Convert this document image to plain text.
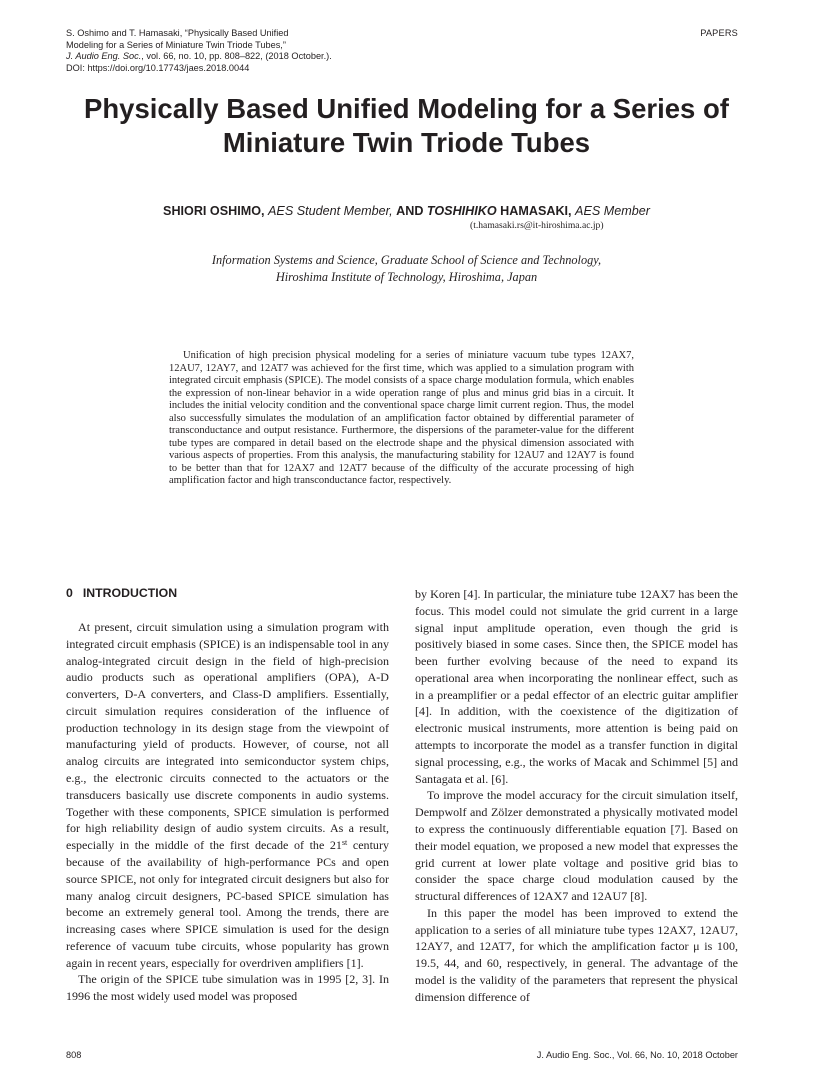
S. Oshimo and T. Hamasaki, “Physically Based Unified
Modeling for a Series of Miniature Twin Triode Tubes,”
J. Audio Eng. Soc., vol. 66, no. 10, pp. 808–822, (2018 October.).
DOI: https://doi.org/10.17743/jaes.2018.0044
PAPERS
Physically Based Unified Modeling for a Series of
Miniature Twin Triode Tubes
SHIORI OSHIMO, AES Student Member, AND TOSHIHIKO HAMASAKI, AES Member
(t.hamasaki.rs@it-hiroshima.ac.jp)
Information Systems and Science, Graduate School of Science and Technology,
Hiroshima Institute of Technology, Hiroshima, Japan

Unification of high precision physical modeling for a series of miniature vacuum tube types 12AX7, 12AU7, 12AY7, and 12AT7 was achieved for the first time, which was applied to a simulation program with integrated circuit emphasis (SPICE). The model consists of a space charge modulation formula, which enables the expression of non-linear behavior in a wide operation range of plus and minus grid bias in a circuit. It includes the initial velocity condition and the conventional space charge limit current region. Thus, the model also successfully simulates the modulation of an amplification factor obtained by differential parameter of transconductance and output resistance. Furthermore, the dispersions of the parameter-value for the different tube types are compared in detail based on the electrode shape and the physical dimension associated with various aspects of properties. From this analysis, the manufacturing stability for 12AU7 and 12AY7 is found to be better than that for 12AX7 and 12AT7 because of the difficulty of the accurate processing of high amplification factor and high transconductance factor, respectively.

0 INTRODUCTION

At present, circuit simulation using a simulation program with integrated circuit emphasis (SPICE) is an indispensable tool in any analog-integrated circuit design in the field of high-precision audio products such as operational amplifiers (OPA), A-D converters, D-A converters, and Class-D amplifiers. Essentially, circuit simulation requires consideration of the influence of production technology in its design stage from the viewpoint of manufacturing yield of products. However, of course, not all analog circuits are integrated into semiconductor system chips, e.g., the electronic circuits connected to the actuators or the transducers basically use discrete components in audio systems. Together with these components, SPICE simulation is performed for high reliability design of audio system circuits. As a result, especially in the middle of the first decade of the 21st century because of the availability of high-performance PCs and open source SPICE, not only for integrated circuit designers but also for many analog circuit designers, PC-based SPICE simulation has become an extremely general tool. Among the trends, there are increasing cases where SPICE simulation is used for the design reference of vacuum tube circuits, whose popularity has grown again in recent years, especially for overdriven amplifiers [1].

The origin of the SPICE tube simulation was in 1995 [2, 3]. In 1996 the most widely used model was proposed

by Koren [4]. In particular, the miniature tube 12AX7 has been the focus. This model could not simulate the grid current in a large signal input amplitude operation, even though the grid is positively biased in some cases. Since then, the SPICE model has been further evolving because of the need to expand its operational area when incorporating the nonlinear effect, such as in a preamplifier or a pedal effector of an electric guitar amplifier [4]. In addition, with the coexistence of the digitization of electronic musical instruments, more attention is being paid on attempts to incorporate the model as a transfer function in digital signal processing, e.g., the works of Macak and Schimmel [5] and Santagata et al. [6].

To improve the model accuracy for the circuit simulation itself, Dempwolf and Zölzer demonstrated a physically motivated model to express the continuously differentiable equation [7]. Based on their model equation, we proposed a new model that expresses the grid current at lower plate voltage and positive grid bias to consider the space charge cloud modulation caused by the structural differences of 12AX7 and 12AU7 [8].

In this paper the model has been improved to extend the application to a series of all miniature tube types 12AX7, 12AU7, 12AY7, and 12AT7, for which the amplification factor μ is 100, 19.5, 44, and 60, respectively, in general. The advantage of the model is the validity of the parameters that represent the physical dimension difference of

808	J. Audio Eng. Soc., Vol. 66, No. 10, 2018 October
